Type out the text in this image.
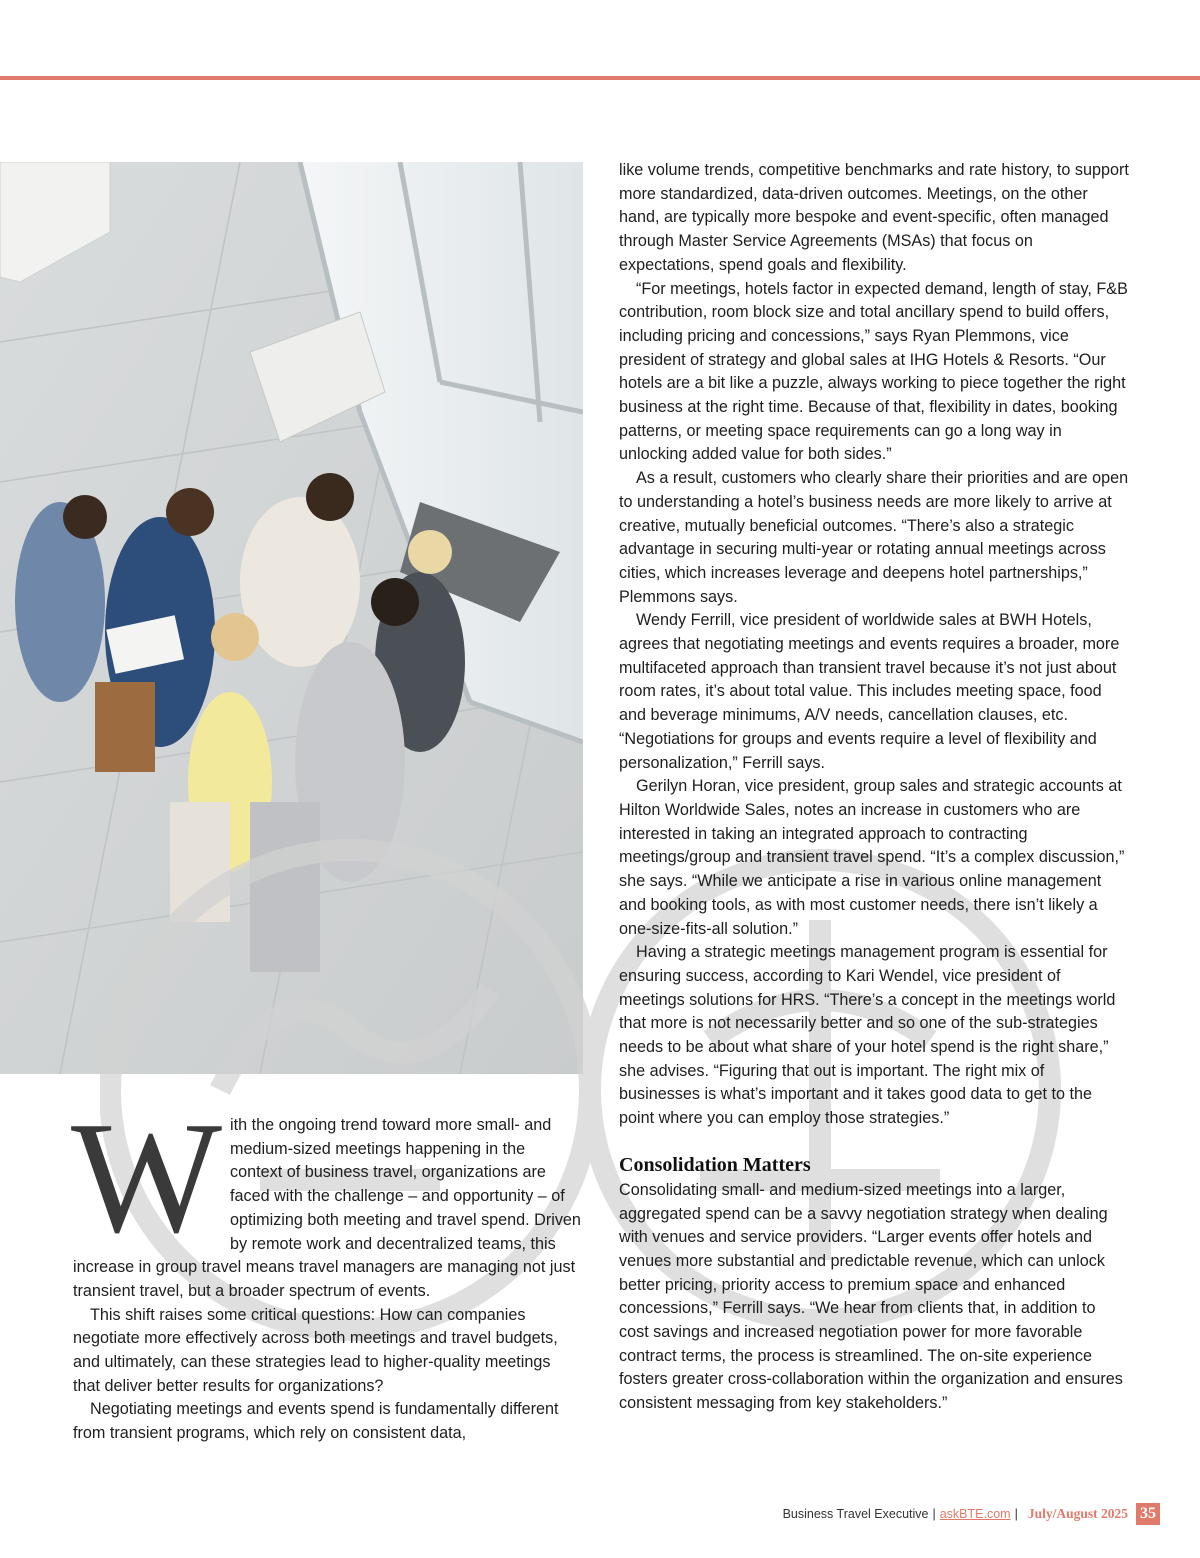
W ith the ongoing trend toward more small- and medium-sized meetings happening in the context of business travel, organizations are faced with the challenge – and opportunity – of optimizing both meeting and travel spend. Driven by remote work and decentralized teams, this increase in group travel means travel managers are managing not just transient travel, but a broader spectrum of events.

This shift raises some critical questions: How can companies negotiate more effectively across both meetings and travel budgets, and ultimately, can these strategies lead to higher-quality meetings that deliver better results for organizations?

Negotiating meetings and events spend is fundamentally different from transient programs, which rely on consistent data,

like volume trends, competitive benchmarks and rate history, to support more standardized, data-driven outcomes. Meetings, on the other hand, are typically more bespoke and event-specific, often managed through Master Service Agreements (MSAs) that focus on expectations, spend goals and flexibility.

“For meetings, hotels factor in expected demand, length of stay, F&B contribution, room block size and total ancillary spend to build offers, including pricing and concessions,” says Ryan Plemmons, vice president of strategy and global sales at IHG Hotels & Resorts. “Our hotels are a bit like a puzzle, always working to piece together the right business at the right time. Because of that, flexibility in dates, booking patterns, or meeting space requirements can go a long way in unlocking added value for both sides.”

As a result, customers who clearly share their priorities and are open to understanding a hotel’s business needs are more likely to arrive at creative, mutually beneficial outcomes. “There’s also a strategic advantage in securing multi-year or rotating annual meetings across cities, which increases leverage and deepens hotel partnerships,” Plemmons says.

Wendy Ferrill, vice president of worldwide sales at BWH Hotels, agrees that negotiating meetings and events requires a broader, more multifaceted approach than transient travel because it’s not just about room rates, it’s about total value. This includes meeting space, food and beverage minimums, A/V needs, cancellation clauses, etc. “Negotiations for groups and events require a level of flexibility and personalization,” Ferrill says.

Gerilyn Horan, vice president, group sales and strategic accounts at Hilton Worldwide Sales, notes an increase in customers who are interested in taking an integrated approach to contracting meetings/group and transient travel spend. “It’s a complex discussion,” she says. “While we anticipate a rise in various online management and booking tools, as with most customer needs, there isn’t likely a one-size-fits-all solution.”

Having a strategic meetings management program is essential for ensuring success, according to Kari Wendel, vice president of meetings solutions for HRS. “There’s a concept in the meetings world that more is not necessarily better and so one of the sub-strategies needs to be about what share of your hotel spend is the right share,” she advises. “Figuring that out is important. The right mix of businesses is what’s important and it takes good data to get to the point where you can employ those strategies.”

Consolidation Matters

Consolidating small- and medium-sized meetings into a larger, aggregated spend can be a savvy negotiation strategy when dealing with venues and service providers. “Larger events offer hotels and venues more substantial and predictable revenue, which can unlock better pricing, priority access to premium space and enhanced concessions,” Ferrill says. “We hear from clients that, in addition to cost savings and increased negotiation power for more favorable contract terms, the process is streamlined. The on-site experience fosters greater cross-collaboration within the organization and ensures consistent messaging from key stakeholders.”

Business Travel Executive | askBTE.com | July/August 2025 35
